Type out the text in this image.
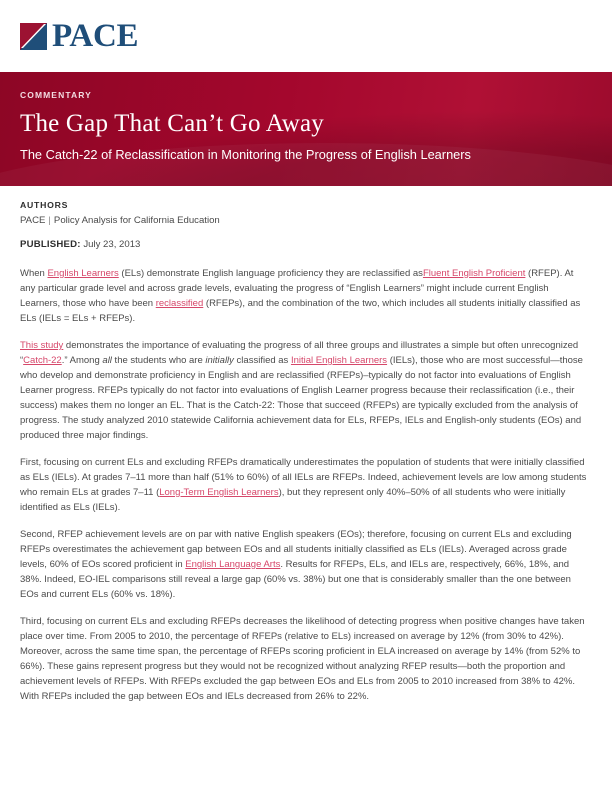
PACE
COMMENTARY
The Gap That Can’t Go Away
The Catch-22 of Reclassification in Monitoring the Progress of English Learners
AUTHORS
PACE | Policy Analysis for California Education
PUBLISHED: July 23, 2013

When English Learners (ELs) demonstrate English language proficiency they are reclassified asFluent English Proficient (RFEP). At any particular grade level and across grade levels, evaluating the progress of “English Learners” might include current English Learners, those who have been reclassified (RFEPs), and the combination of the two, which includes all students initially classified as ELs (IELs = ELs + RFEPs).

This study demonstrates the importance of evaluating the progress of all three groups and illustrates a simple but often unrecognized “Catch-22.” Among all the students who are initially classified as Initial English Learners (IELs), those who are most successful—those who develop and demonstrate proficiency in English and are reclassified (RFEPs)–typically do not factor into evaluations of English Learner progress. RFEPs typically do not factor into evaluations of English Learner progress because their reclassification (i.e., their success) makes them no longer an EL. That is the Catch-22: Those that succeed (RFEPs) are typically excluded from the analysis of progress. The study analyzed 2010 statewide California achievement data for ELs, RFEPs, IELs and English-only students (EOs) and produced three major findings.

First, focusing on current ELs and excluding RFEPs dramatically underestimates the population of students that were initially classified as ELs (IELs). At grades 7–11 more than half (51% to 60%) of all IELs are RFEPs. Indeed, achievement levels are low among students who remain ELs at grades 7–11 (Long-Term English Learners), but they represent only 40%–50% of all students who were initially identified as ELs (IELs).

Second, RFEP achievement levels are on par with native English speakers (EOs); therefore, focusing on current ELs and excluding RFEPs overestimates the achievement gap between EOs and all students initially classified as ELs (IELs). Averaged across grade levels, 60% of EOs scored proficient in English Language Arts. Results for RFEPs, ELs, and IELs are, respectively, 66%, 18%, and 38%. Indeed, EO-IEL comparisons still reveal a large gap (60% vs. 38%) but one that is considerably smaller than the one between EOs and current ELs (60% vs. 18%).

Third, focusing on current ELs and excluding RFEPs decreases the likelihood of detecting progress when positive changes have taken place over time. From 2005 to 2010, the percentage of RFEPs (relative to ELs) increased on average by 12% (from 30% to 42%). Moreover, across the same time span, the percentage of RFEPs scoring proficient in ELA increased on average by 14% (from 52% to 66%). These gains represent progress but they would not be recognized without analyzing RFEP results—both the proportion and achievement levels of RFEPs. With RFEPs excluded the gap between EOs and ELs from 2005 to 2010 increased from 38% to 42%. With RFEPs included the gap between EOs and IELs decreased from 26% to 22%.
